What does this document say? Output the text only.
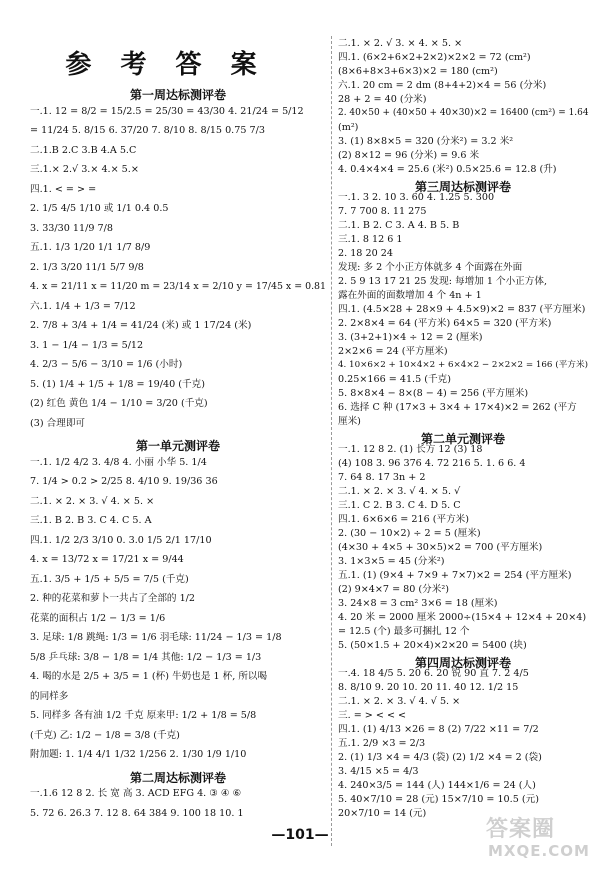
参 考 答 案
第一周达标测评卷
一.1. 12 = 8/2 = 15/2.5 = 25/30 = 43/30 4. 21/24 = 5/12
= 11/24 5. 8/15 6. 37/20 7. 8/10 8. 8/15 0.75 7/3
二.1.B 2.C 3.B 4.A 5.C
三.1.× 2.√ 3.× 4.× 5.×
四.1. < = > =
2. 1/5 4/5 1/10 或 1/1 0.4 0.5
3. 33/30 11/9 7/8
五.1. 1/3 1/20 1/1 1/7 8/9
2. 1/3 3/20 11/1 5/7 9/8
4. x = 21/11 x = 11/20 m = 23/14 x = 2/10 y = 17/45 x = 0.81
六.1. 1/4 + 1/3 = 7/12
2. 7/8 + 3/4 + 1/4 = 41/24 (米) 或 1 17/24 (米)
3. 1 − 1/4 − 1/3 = 5/12
4. 2/3 − 5/6 − 3/10 = 1/6 (小时)
5. (1) 1/4 + 1/5 + 1/8 = 19/40 (千克)
(2) 红色 黄色 1/4 − 1/10 = 3/20 (千克)
(3) 合理即可
第一单元测评卷
一.1. 1/2 4/2 3. 4/8 4. 小丽 小华 5. 1/4
7. 1/4 > 0.2 > 2/25 8. 4/10 9. 19/36 36
二.1. × 2. × 3. √ 4. × 5. ×
三.1. B 2. B 3. C 4. C 5. A
四.1. 1/2 2/3 3/10 0. 3.0 1/5 2/1 17/10
4. x = 13/72 x = 17/21 x = 9/44
五.1. 3/5 + 1/5 + 5/5 = 7/5 (千克)
2. 种的花菜和萝卜一共占了全部的 1/2
花菜的面积占 1/2 − 1/3 = 1/6
3. 足球: 1/8 跳绳: 1/3 = 1/6 羽毛球: 11/24 − 1/3 = 1/8
5/8 乒乓球: 3/8 − 1/8 = 1/4 其他: 1/2 − 1/3 = 1/3
4. 喝的水是 2/5 + 3/5 = 1 (杯) 牛奶也是 1 杯, 所以喝
的同样多
5. 同样多 各有油 1/2 千克 原来甲: 1/2 + 1/8 = 5/8
(千克) 乙: 1/2 − 1/8 = 3/8 (千克)
附加题: 1. 1/4 4/1 1/32 1/256 2. 1/30 1/9 1/10
第二周达标测评卷
一.1.6 12 8 2. 长 宽 高 3. ACD EFG 4. ③ ④ ⑥
5. 72 6. 26.3 7. 12 8. 64 384 9. 100 18 10. 1
二.1. × 2. √ 3. × 4. × 5. ×
四.1. (6×2+6×2+2×2)×2×2 = 72 (cm²)
(8×6+8×3+6×3)×2 = 180 (cm²)
六.1. 20 cm = 2 dm (8+4+2)×4 = 56 (分米)
28 + 2 = 40 (分米)
2. 40×50 + (40×50 + 40×30)×2 = 16400 (cm²) = 1.64
(m²)
3. (1) 8×8×5 = 320 (分米²) = 3.2 米²
(2) 8×12 = 96 (分米) = 9.6 米
4. 0.4×4×4 = 25.6 (米²) 0.5×25.6 = 12.8 (升)
第三周达标测评卷
一.1. 3 2. 10 3. 60 4. 1.25 5. 300
7. 7 700 8. 11 275
二.1. B 2. C 3. A 4. B 5. B
三.1. 8 12 6 1
2. 18 20 24
发现: 多 2 个小正方体就多 4 个面露在外面
2. 5 9 13 17 21 25 发现: 每增加 1 个小正方体,
露在外面的面数增加 4 个 4n + 1
四.1. (4.5×28 + 28×9 + 4.5×9)×2 = 837 (平方厘米)
2. 2×8×4 = 64 (平方米) 64×5 = 320 (平方米)
3. (3+2+1)×4 ÷ 12 = 2 (厘米)
2×2×6 = 24 (平方厘米)
4. 10×6×2 + 10×4×2 + 6×4×2 − 2×2×2 = 166 (平方米)
0.25×166 = 41.5 (千克)
5. 8×8×4 − 8×(8 − 4) = 256 (平方厘米)
6. 选择 C 种 (17×3 + 3×4 + 17×4)×2 = 262 (平方
厘米)
第二单元测评卷
一.1. 12 8 2. (1) 长方 12 (3) 18
(4) 108 3. 96 376 4. 72 216 5. 1. 6 6. 4
7. 64 8. 17 3n + 2
二.1. × 2. × 3. √ 4. × 5. √
三.1. C 2. B 3. C 4. D 5. C
四.1. 6×6×6 = 216 (平方米)
2. (30 − 10×2) ÷ 2 = 5 (厘米)
(4×30 + 4×5 + 30×5)×2 = 700 (平方厘米)
3. 1×3×5 = 45 (分米²)
五.1. (1) (9×4 + 7×9 + 7×7)×2 = 254 (平方厘米)
(2) 9×4×7 = 80 (分米²)
3. 24×8 = 3 cm² 3×6 = 18 (厘米)
4. 20 米 = 2000 厘米 2000÷(15×4 + 12×4 + 20×4)
= 12.5 (个) 最多可捆扎 12 个
5. (50×1.5 + 20×4)×2×20 = 5400 (块)
第四周达标测评卷
一.4. 18 4/5 5. 20 6. 20 锐 90 直 7. 2 4/5
8. 8/10 9. 20 10. 20 11. 40 12. 1/2 15
二.1. × 2. × 3. √ 4. √ 5. ×
三. = > < < <
四.1. (1) 4/13 ×26 = 8 (2) 7/22 ×11 = 7/2
五.1. 2/9 ×3 = 2/3
2. (1) 1/3 ×4 = 4/3 (袋) (2) 1/2 ×4 = 2 (袋)
3. 4/15 ×5 = 4/3
4. 240×3/5 = 144 (人) 144×1/6 = 24 (人)
5. 40×7/10 = 28 (元) 15×7/10 = 10.5 (元)
20×7/10 = 14 (元)
—101—	答案圈
MXQE.COM
